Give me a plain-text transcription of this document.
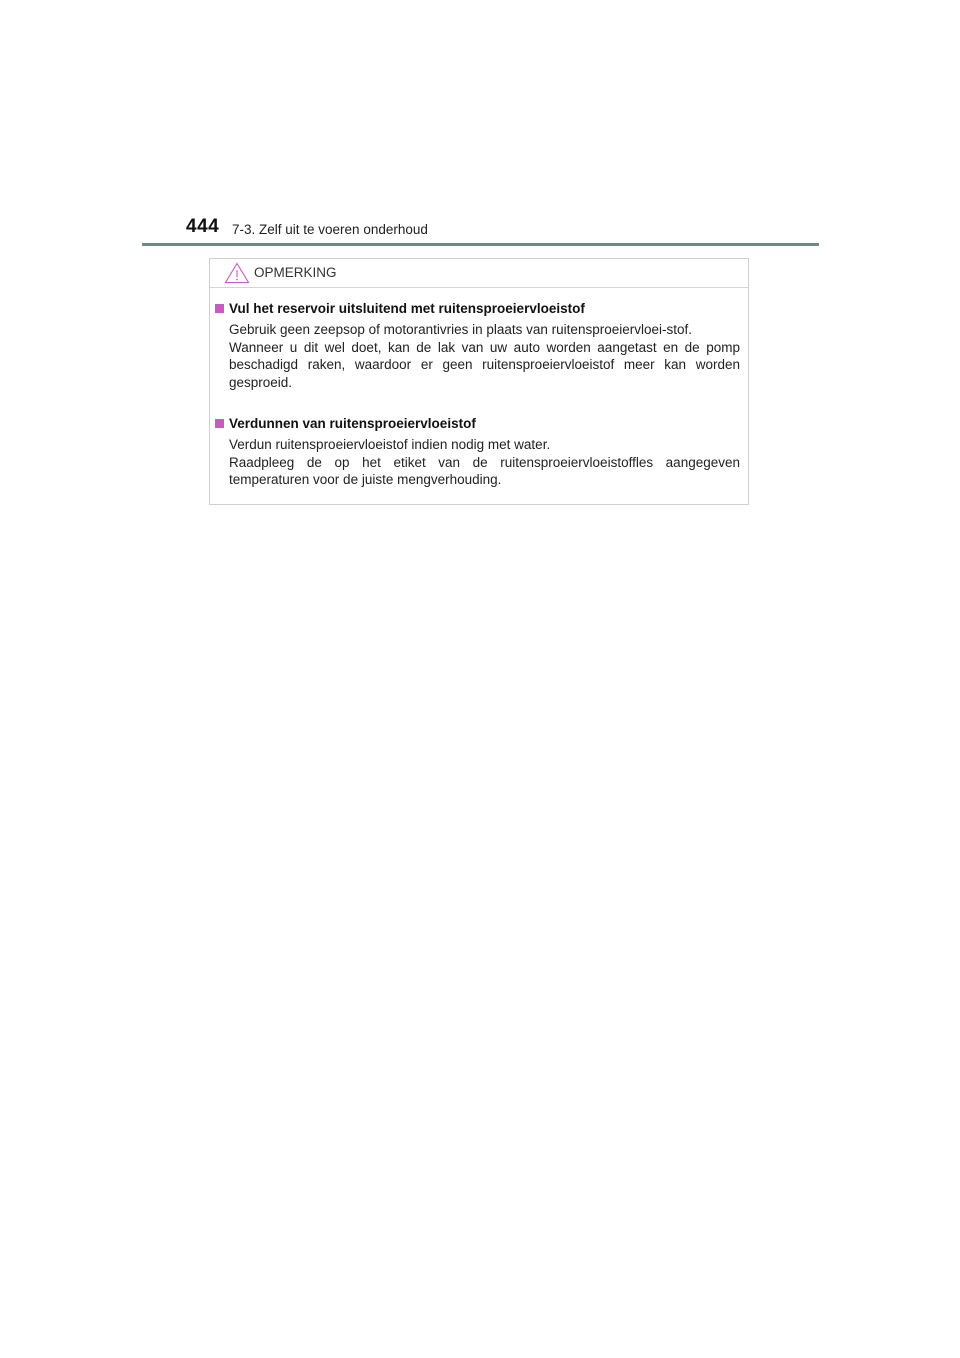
444 7-3. Zelf uit te voeren onderhoud
OPMERKING
Vul het reservoir uitsluitend met ruitensproeiervloeistof

Gebruik geen zeepsop of motorantivries in plaats van ruitensproeiervloei-stof.

Wanneer u dit wel doet, kan de lak van uw auto worden aangetast en de pomp beschadigd raken, waardoor er geen ruitensproeiervloeistof meer kan worden gesproeid.

Verdunnen van ruitensproeiervloeistof

Verdun ruitensproeiervloeistof indien nodig met water.

Raadpleeg de op het etiket van de ruitensproeiervloeistoffles aangegeven temperaturen voor de juiste mengverhouding.
